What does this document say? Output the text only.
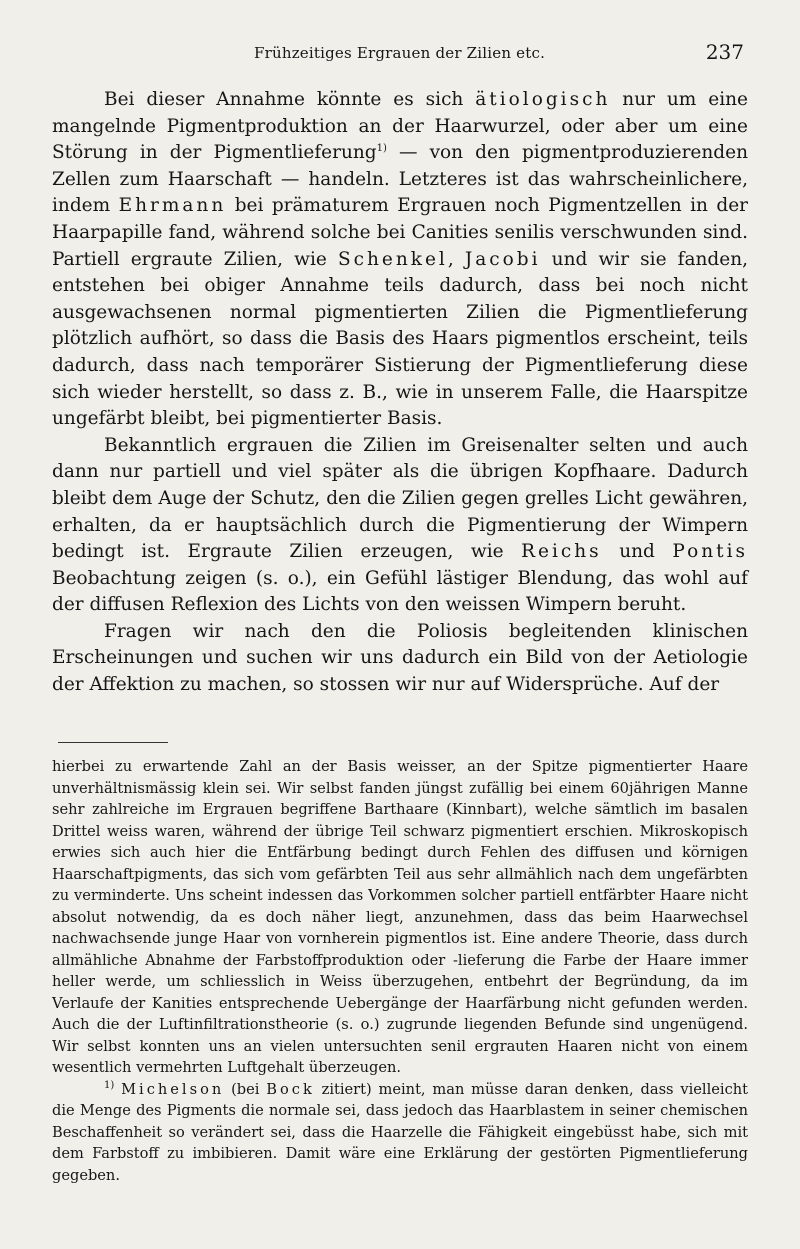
Frühzeitiges Ergrauen der Zilien etc.	237

Bei dieser Annahme könnte es sich ätiologisch nur um eine mangelnde Pigmentproduktion an der Haarwurzel, oder aber um eine Störung in der Pigmentlieferung$^{1)}$ — von den pigmentproduzierenden Zellen zum Haarschaft — handeln. Letzteres ist das wahrscheinlichere, indem Ehrmann bei prämaturem Ergrauen noch Pigmentzellen in der Haarpapille fand, während solche bei Canities senilis verschwunden sind. Partiell ergraute Zilien, wie Schenkel, Jacobi und wir sie fanden, entstehen bei obiger Annahme teils dadurch, dass bei noch nicht ausgewachsenen normal pigmentierten Zilien die Pigmentlieferung plötzlich aufhört, so dass die Basis des Haars pigmentlos erscheint, teils dadurch, dass nach temporärer Sistierung der Pigmentlieferung diese sich wieder herstellt, so dass z. B., wie in unserem Falle, die Haarspitze ungefärbt bleibt, bei pigmentierter Basis.

Bekanntlich ergrauen die Zilien im Greisenalter selten und auch dann nur partiell und viel später als die übrigen Kopfhaare. Dadurch bleibt dem Auge der Schutz, den die Zilien gegen grelles Licht gewähren, erhalten, da er hauptsächlich durch die Pigmentierung der Wimpern bedingt ist. Ergraute Zilien erzeugen, wie Reichs und Pontis Beobachtung zeigen (s. o.), ein Gefühl lästiger Blendung, das wohl auf der diffusen Reflexion des Lichts von den weissen Wimpern beruht.

Fragen wir nach den die Poliosis begleitenden klinischen Erscheinungen und suchen wir uns dadurch ein Bild von der Aetiologie der Affektion zu machen, so stossen wir nur auf Widersprüche. Auf der

hierbei zu erwartende Zahl an der Basis weisser, an der Spitze pigmentierter Haare unverhältnismässig klein sei. Wir selbst fanden jüngst zufällig bei einem 60jährigen Manne sehr zahlreiche im Ergrauen begriffene Barthaare (Kinnbart), welche sämtlich im basalen Drittel weiss waren, während der übrige Teil schwarz pigmentiert erschien. Mikroskopisch erwies sich auch hier die Entfärbung bedingt durch Fehlen des diffusen und körnigen Haarschaftpigments, das sich vom gefärbten Teil aus sehr allmählich nach dem ungefärbten zu verminderte. Uns scheint indessen das Vorkommen solcher partiell entfärbter Haare nicht absolut notwendig, da es doch näher liegt, anzunehmen, dass das beim Haarwechsel nachwachsende junge Haar von vornherein pigmentlos ist. Eine andere Theorie, dass durch allmähliche Abnahme der Farbstoffproduktion oder -lieferung die Farbe der Haare immer heller werde, um schliesslich in Weiss überzugehen, entbehrt der Begründung, da im Verlaufe der Kanities entsprechende Uebergänge der Haarfärbung nicht gefunden werden. Auch die der Luftinfiltrationstheorie (s. o.) zugrunde liegenden Befunde sind ungenügend. Wir selbst konnten uns an vielen untersuchten senil ergrauten Haaren nicht von einem wesentlich vermehrten Luftgehalt überzeugen.

$^{1)}$ Michelson (bei Bock zitiert) meint, man müsse daran denken, dass vielleicht die Menge des Pigments die normale sei, dass jedoch das Haarblastem in seiner chemischen Beschaffenheit so verändert sei, dass die Haarzelle die Fähigkeit eingebüsst habe, sich mit dem Farbstoff zu imbibieren. Damit wäre eine Erklärung der gestörten Pigmentlieferung gegeben.
